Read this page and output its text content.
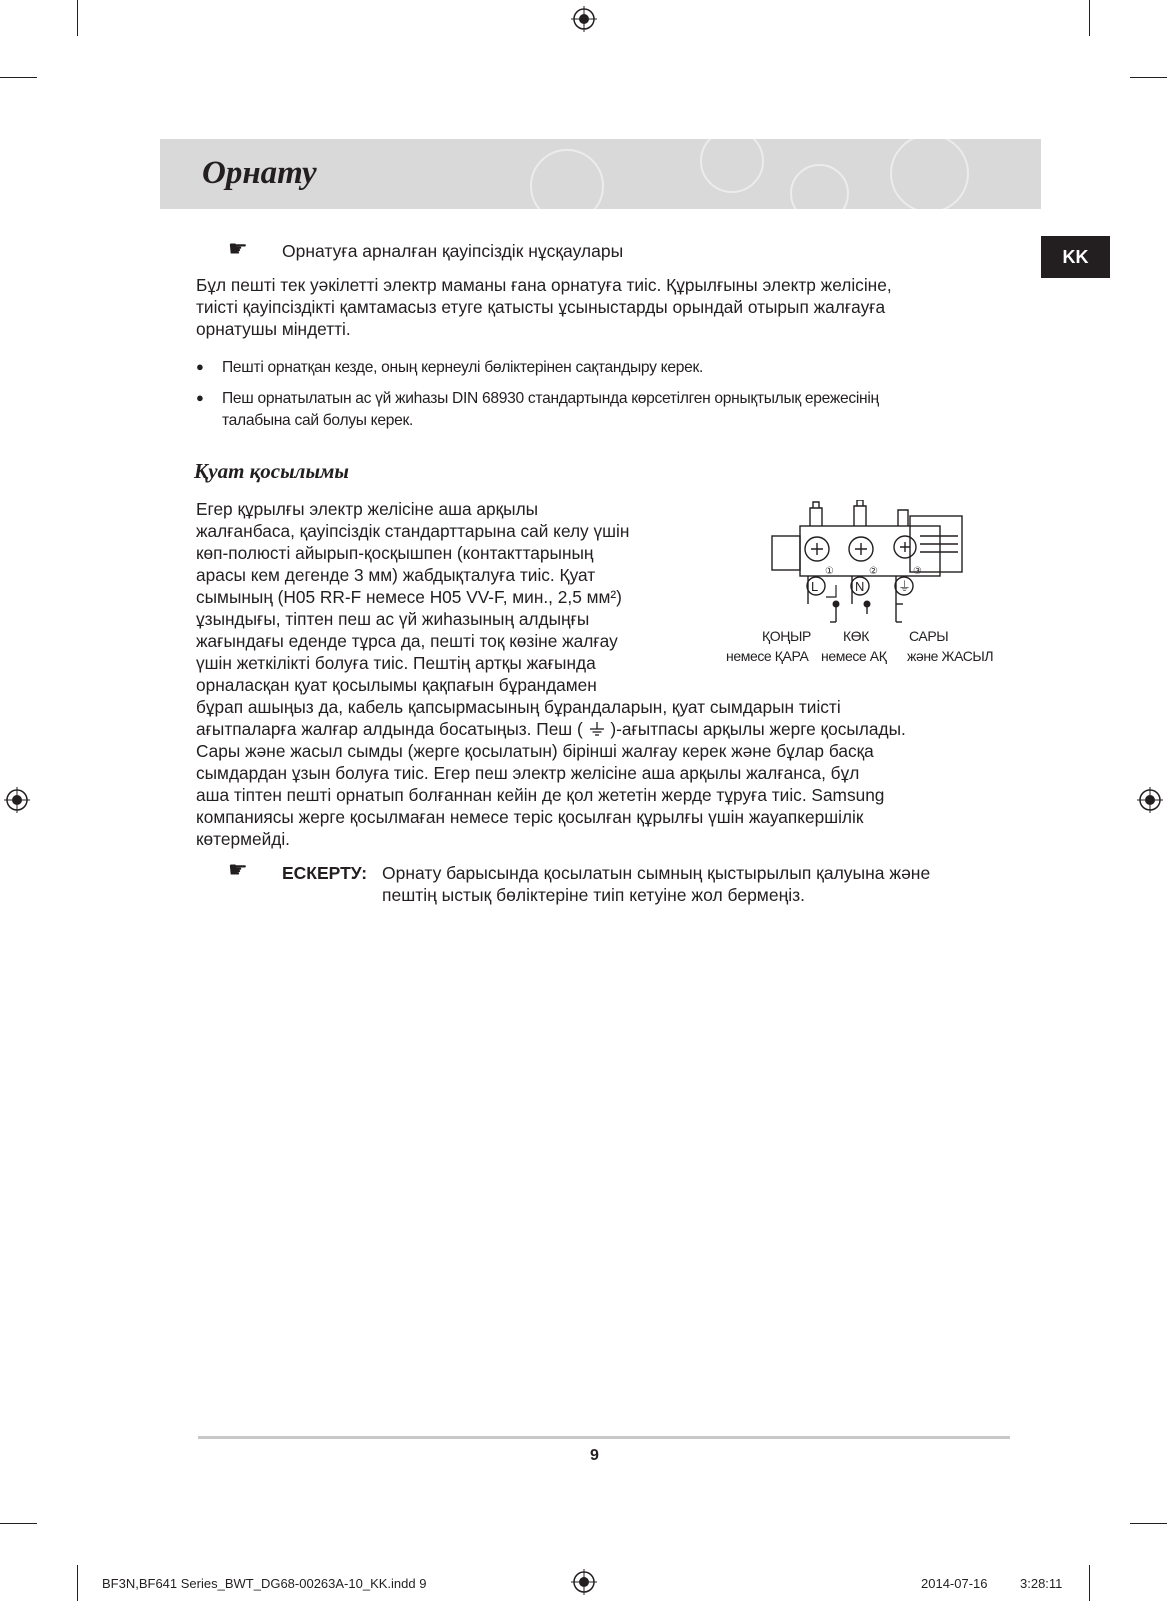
Орнату
KK
☛ Орнатуға арналған қауіпсіздік нұсқаулары
Бұл пешті тек уәкілетті электр маманы ғана орнатуға тиіс. Құрылғыны электр желісіне,
тиісті қауіпсіздікті қамтамасыз етуге қатысты ұсыныстарды орындай отырып жалғауға
орнатушы міндетті.
● Пешті орнатқан кезде, оның кернеулі бөліктерінен сақтандыру керек.
● Пеш орнатылатын ас үй жиһазы DIN 68930 стандартында көрсетілген орнықтылық ережесінің
талабына сай болуы керек.
Қуат қосылымы
Егер құрылғы электр желісіне аша арқылы
жалғанбаса, қауіпсіздік стандарттарына сай келу үшін
көп-полюсті айырып-қосқышпен (контакттарының
арасы кем дегенде 3 мм) жабдықталуға тиіс. Қуат
сымының (H05 RR-F немесе H05 VV-F, мин., 2,5 мм²)
ұзындығы, тіптен пеш ас үй жиһазының алдыңғы
жағындағы еденде тұрса да, пешті тоқ көзіне жалғау
үшін жеткілікті болуға тиіс. Пештің артқы жағында
орналасқан қуат қосылымы қақпағын бұрандамен
бұрап ашыңыз да, кабель қапсырмасының бұрандаларын, қуат сымдарын тиісті
ағытпаларға жалғар алдында босатыңыз. Пеш ( )-ағытпасы арқылы жерге қосылады.
Сары және жасыл сымды (жерге қосылатын) бірінші жалғау керек және бұлар басқа
сымдардан ұзын болуға тиіс. Егер пеш электр желісіне аша арқылы жалғанса, бұл
аша тіптен пешті орнатып болғаннан кейін де қол жететін жерде тұруға тиіс. Samsung
компаниясы жерге қосылмаған немесе теріс қосылған құрылғы үшін жауапкершілік
көтермейді.
①	②	③
L	N	⏚
ҚОҢЫР
немесе ҚАРА
КӨК
немесе АҚ
САРЫ
және ЖАСЫЛ
☛ ЕСКЕРТУ: Орнату барысында қосылатын сымның қыстырылып қалуына және
пештің ыстық бөліктеріне тиіп кетуіне жол бермеңіз.
9
BF3N,BF641 Series_BWT_DG68-00263A-10_KK.indd 9	2014-07-16	3:28:11
